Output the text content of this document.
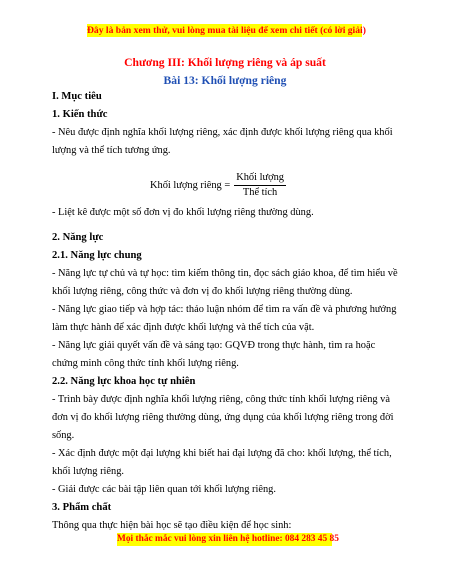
Đây là bản xem thử, vui lòng mua tài liệu để xem chi tiết (có lời giải)
Chương III: Khối lượng riêng và áp suất
Bài 13: Khối lượng riêng
I. Mục tiêu
1. Kiến thức
- Nêu được định nghĩa khối lượng riêng, xác định được khối lượng riêng qua khối
lượng và thể tích tương ứng.
Khối lượng riêng = $\frac{\text{Khối lượng}}{\text{Thể tích}}$
- Liệt kê được một số đơn vị đo khối lượng riêng thường dùng.
2. Năng lực
2.1. Năng lực chung
- Năng lực tự chủ và tự học: tìm kiếm thông tin, đọc sách giáo khoa, để tìm hiểu về
khối lượng riêng, công thức và đơn vị đo khối lượng riêng thường dùng.
- Năng lực giao tiếp và hợp tác: thảo luận nhóm để tìm ra vấn đề và phương hướng
làm thực hành để xác định được khối lượng và thể tích của vật.
- Năng lực giải quyết vấn đề và sáng tạo: GQVĐ trong thực hành, tìm ra hoặc
chứng minh công thức tính khối lượng riêng.
2.2. Năng lực khoa học tự nhiên
- Trình bày được định nghĩa khối lượng riêng, công thức tính khối lượng riêng và
đơn vị đo khối lượng riêng thường dùng, ứng dụng của khối lượng riêng trong đời
sống.
- Xác định được một đại lượng khi biết hai đại lượng đã cho: khối lượng, thể tích,
khối lượng riêng.
- Giải được các bài tập liên quan tới khối lượng riêng.
3. Phẩm chất
Thông qua thực hiện bài học sẽ tạo điều kiện để học sinh:
Mọi thắc mắc vui lòng xin liên hệ hotline: 084 283 45 85
